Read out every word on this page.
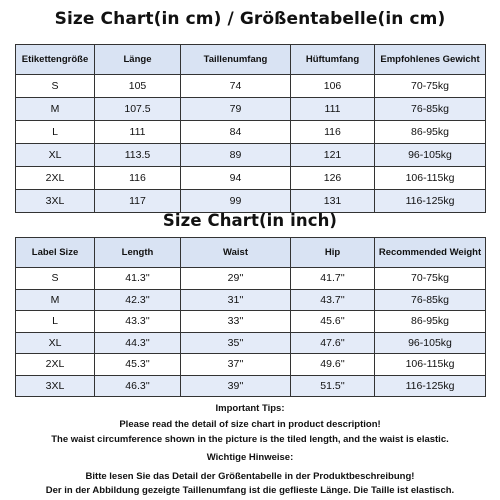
Size Chart(in cm) / Größentabelle(in cm)
Etikettengröße	Länge	Taillenumfang	Hüftumfang	Empfohlenes Gewicht
S	105	74	106	70-75kg
M	107.5	79	111	76-85kg
L	111	84	116	86-95kg
XL	113.5	89	121	96-105kg
2XL	116	94	126	106-115kg
3XL	117	99	131	116-125kg
Size Chart(in inch)
Label Size	Length	Waist	Hip	Recommended Weight
S	41.3''	29''	41.7''	70-75kg
M	42.3''	31''	43.7''	76-85kg
L	43.3''	33''	45.6''	86-95kg
XL	44.3''	35''	47.6''	96-105kg
2XL	45.3''	37''	49.6''	106-115kg
3XL	46.3''	39''	51.5''	116-125kg
Important Tips:
Please read the detail of size chart in product description!
The waist circumference shown in the picture is the tiled length, and the waist is elastic.
Wichtige Hinweise:
Bitte lesen Sie das Detail der Größentabelle in der Produktbeschreibung!
Der in der Abbildung gezeigte Taillenumfang ist die geflieste Länge. Die Taille ist elastisch.
